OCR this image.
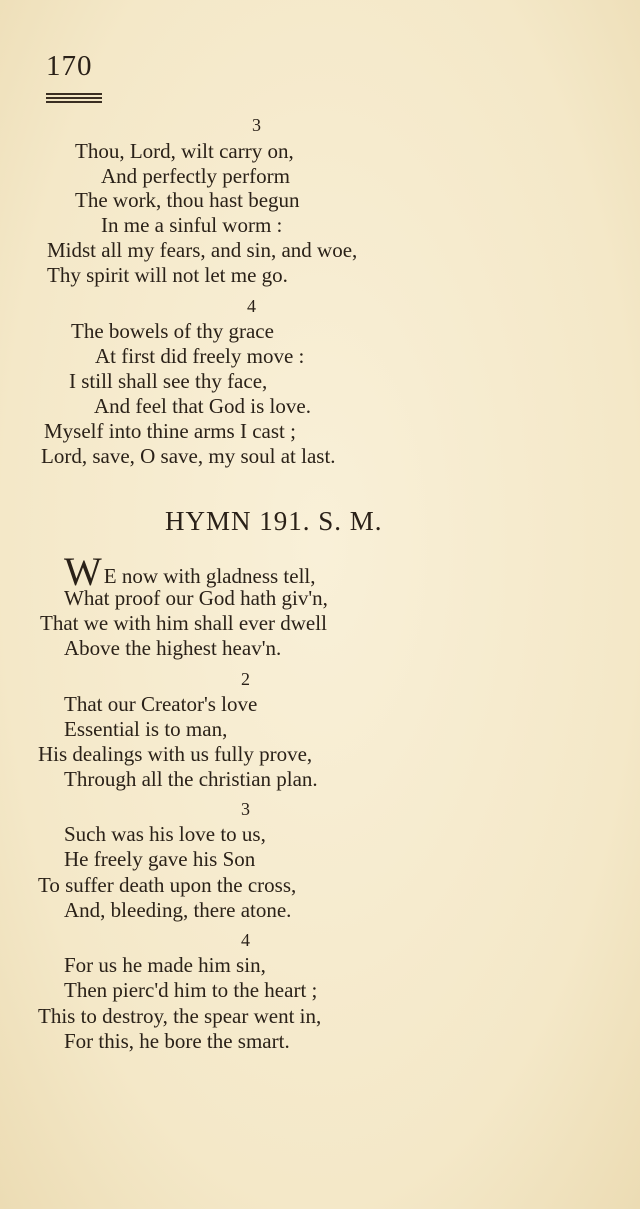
170
3
Thou, Lord, wilt carry on,
And perfectly perform
The work, thou hast begun
In me a sinful worm :
Midst all my fears, and sin, and woe,
Thy spirit will not let me go.
4
The bowels of thy grace
At first did freely move :
I still shall see thy face,
And feel that God is love.
Myself into thine arms I cast ;
Lord, save, O save, my soul at last.
HYMN 191. S. M.
WE now with gladness tell,
What proof our God hath giv'n,
That we with him shall ever dwell
Above the highest heav'n.
2
That our Creator's love
Essential is to man,
His dealings with us fully prove,
Through all the christian plan.
3
Such was his love to us,
He freely gave his Son
To suffer death upon the cross,
And, bleeding, there atone.
4
For us he made him sin,
Then pierc'd him to the heart ;
This to destroy, the spear went in,
For this, he bore the smart.
